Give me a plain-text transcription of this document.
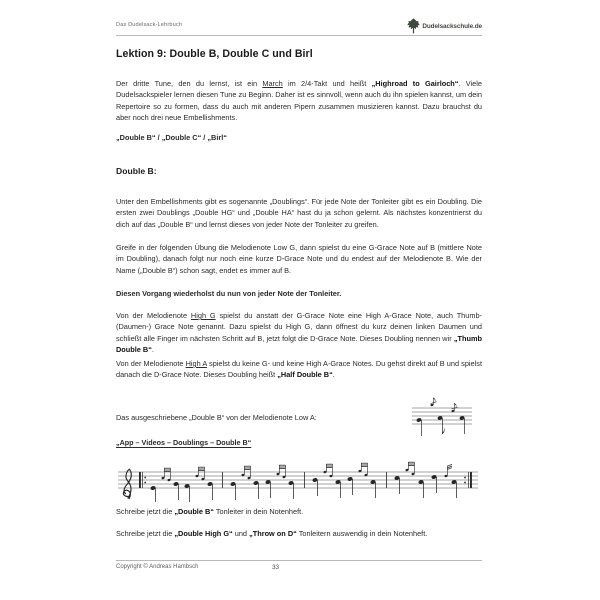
Das Dudelsack-Lehrbuch	Dudelsackschule.de
Lektion 9: Double B, Double C und Birl
Der dritte Tune, den du lernst, ist ein March im 2/4-Takt und heißt „Highroad to Gairloch“. Viele Dudelsackspieler lernen diesen Tune zu Beginn. Daher ist es sinnvoll, wenn auch du ihn spielen kannst, um dein Repertoire so zu formen, dass du auch mit anderen Pipern zusammen musizieren kannst. Dazu brauchst du aber noch drei neue Embellishments.
„Double B“ / „Double C“ / „Birl“
Double B:
Unter den Embellishments gibt es sogenannte „Doublings“. Für jede Note der Tonleiter gibt es ein Doubling. Die ersten zwei Doublings „Double HG“ und „Double HA“ hast du ja schon gelernt. Als nächstes konzentrierst du dich auf das „Double B“ und lernst dieses von jeder Note der Tonleiter zu greifen.
Greife in der folgenden Übung die Melodienote Low G, dann spielst du eine G-Grace Note auf B (mittlere Note im Doubling), danach folgt nur noch eine kurze D-Grace Note und du endest auf der Melodienote B. Wie der Name („Double B“) schon sagt, endet es immer auf B.
Diesen Vorgang wiederholst du nun von jeder Note der Tonleiter.
Von der Melodienote High G spielst du anstatt der G-Grace Note eine High A-Grace Note, auch Thumb- (Daumen-) Grace Note genannt. Dazu spielst du High G, dann öffnest du kurz deinen linken Daumen und schließt alle Finger im nächsten Schritt auf B, jetzt folgt die D-Grace Note. Dieses Doubling nennen wir „Thumb Double B“.
Von der Melodienote High A spielst du keine G- und keine High A-Grace Notes. Du gehst direkt auf B und spielst danach die D-Grace Note. Dieses Doubling heißt „Half Double B“.
Das ausgeschriebene „Double B“ von der Melodienote Low A:
„App – Videos – Doublings – Double B“
Schreibe jetzt die „Double B“ Tonleiter in dein Notenheft.
Schreibe jetzt die „Double High G“ und „Throw on D“ Tonleitern auswendig in dein Notenheft.
Copyright © Andreas Hambsch	33
